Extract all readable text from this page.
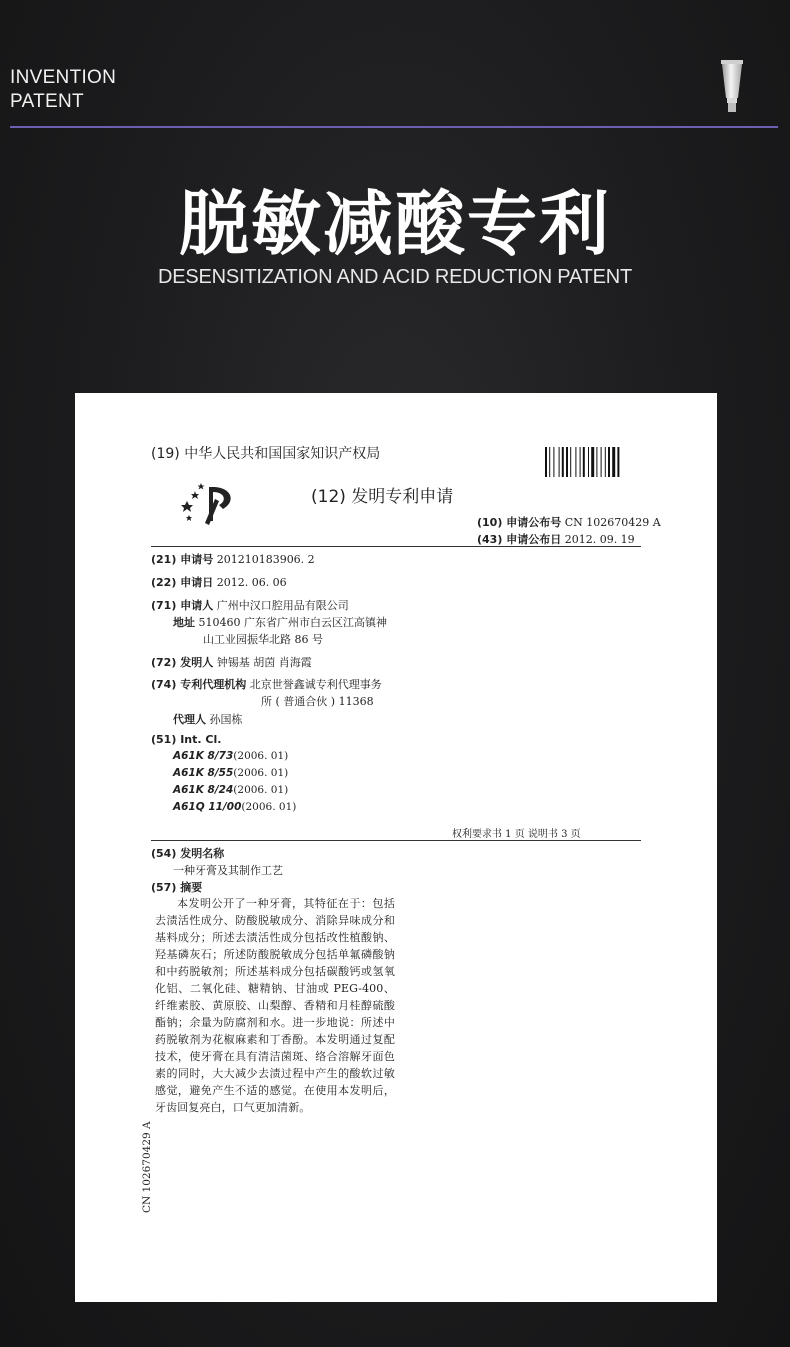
INVENTION
PATENT
脱敏减酸专利
DESENSITIZATION AND ACID REDUCTION PATENT
(19) 中华人民共和国国家知识产权局
(12) 发明专利申请
(10) 申请公布号 CN 102670429 A
(43) 申请公布日 2012. 09. 19
(21) 申请号 201210183906. 2
(22) 申请日 2012. 06. 06
(71) 申请人 广州中汉口腔用品有限公司
地址 510460 广东省广州市白云区江高镇神
山工业园振华北路 86 号
(72) 发明人 钟锡基 胡茵 肖海霞
(74) 专利代理机构 北京世誉鑫诚专利代理事务
所 ( 普通合伙 ) 11368
代理人 孙国栋
(51) Int. Cl.
A61K 8/73(2006. 01)
A61K 8/55(2006. 01)
A61K 8/24(2006. 01)
A61Q 11/00(2006. 01)
权利要求书 1 页 说明书 3 页
(54) 发明名称
一种牙膏及其制作工艺
(57) 摘要
本发明公开了一种牙膏，其特征在于：包括去渍活性成分、防酸脱敏成分、消除异味成分和基料成分；所述去渍活性成分包括改性植酸钠、羟基磷灰石；所述防酸脱敏成分包括单氟磷酸钠和中药脱敏剂；所述基料成分包括碳酸钙或氢氧化铝、二氧化硅、糖精钠、甘油或 PEG-400、纤维素胶、黄原胶、山梨醇、香精和月桂醇硫酸酯钠；余量为防腐剂和水。进一步地说：所述中药脱敏剂为花椒麻素和丁香酚。本发明通过复配技术，使牙膏在具有清洁菌斑、络合溶解牙面色素的同时，大大减少去渍过程中产生的酸软过敏感觉，避免产生不适的感觉。在使用本发明后，牙齿回复亮白，口气更加清新。
CN 102670429 A
